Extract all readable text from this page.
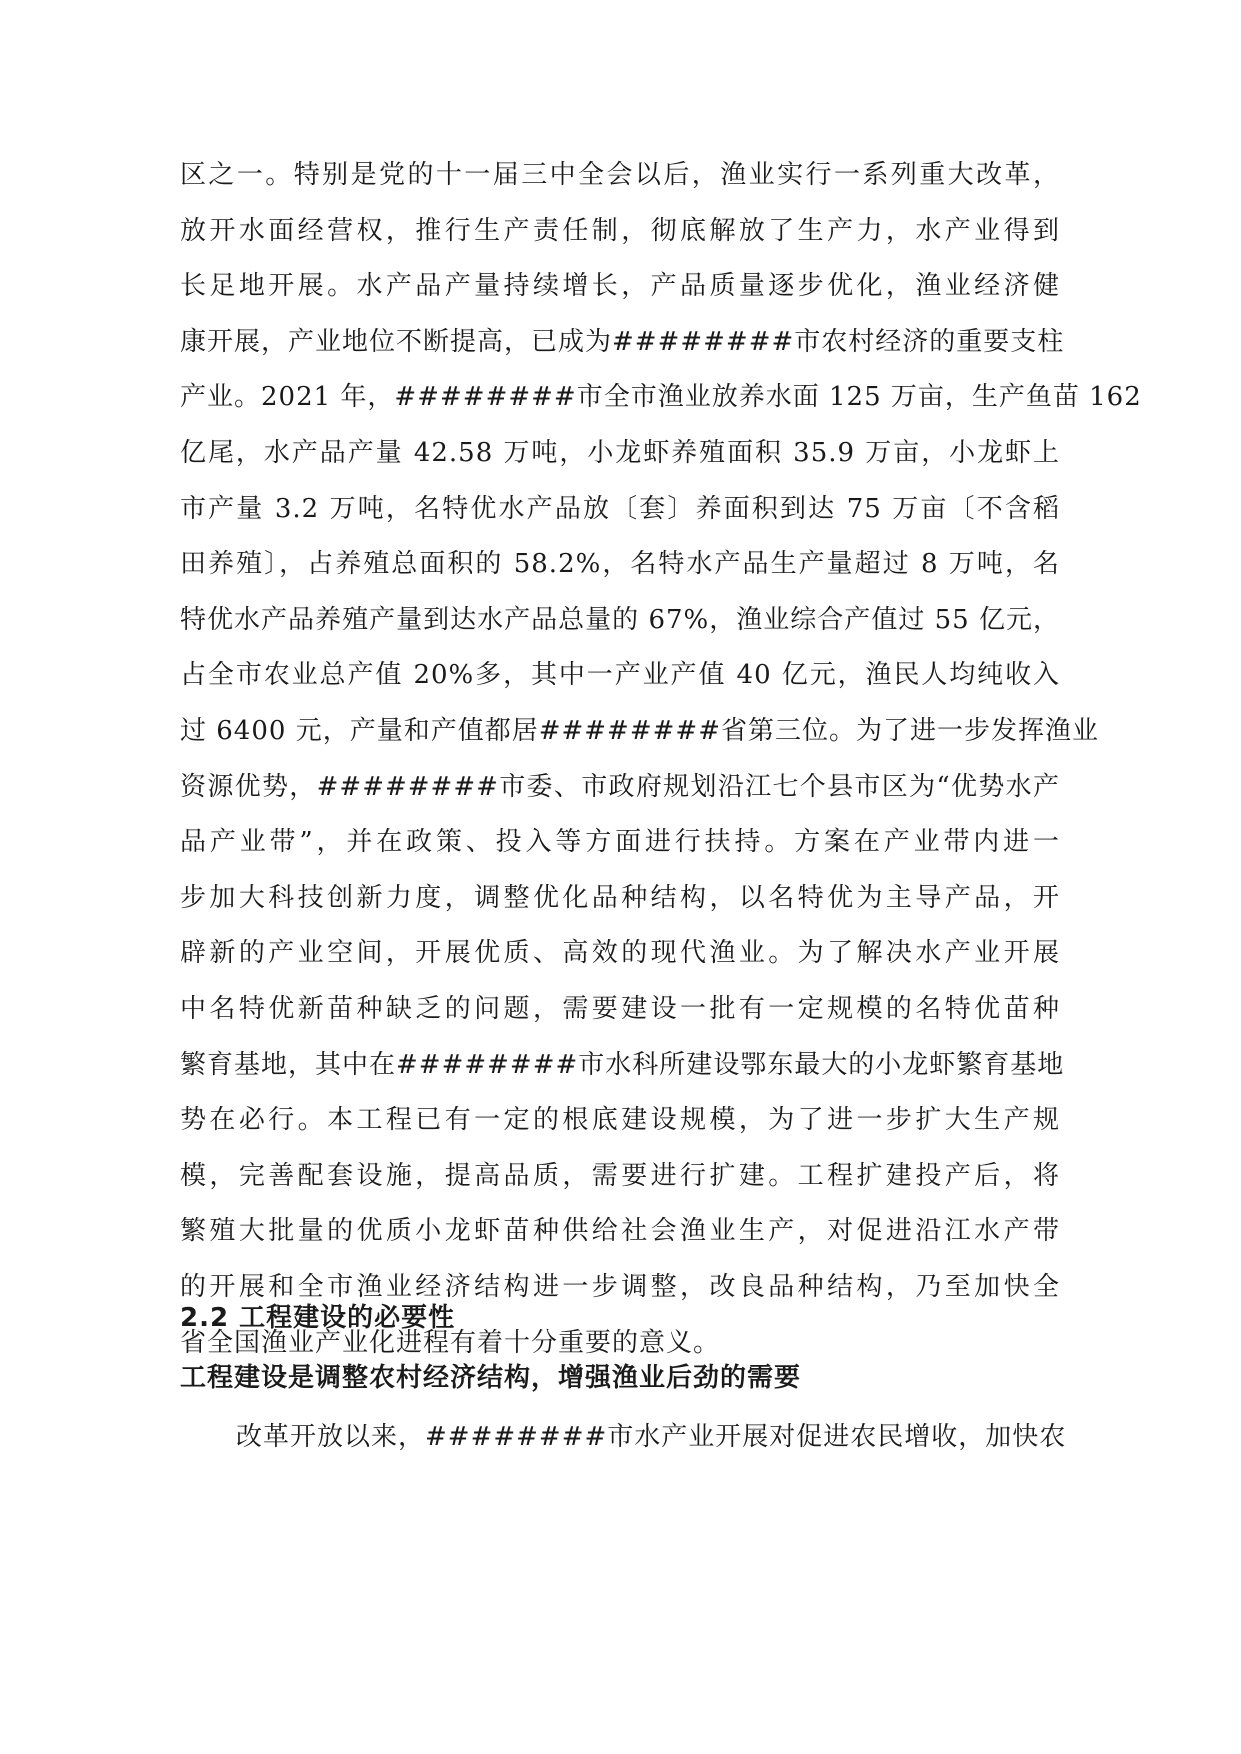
区之一。特别是党的十一届三中全会以后，渔业实行一系列重大改革，
放开水面经营权，推行生产责任制，彻底解放了生产力，水产业得到
长足地开展。水产品产量持续增长，产品质量逐步优化，渔业经济健
康开展，产业地位不断提高，已成为########市农村经济的重要支柱
产业。2021 年，########市全市渔业放养水面 125 万亩，生产鱼苗 162
亿尾，水产品产量 42.58 万吨，小龙虾养殖面积 35.9 万亩，小龙虾上
市产量 3.2 万吨，名特优水产品放〔套〕养面积到达 75 万亩〔不含稻
田养殖〕，占养殖总面积的 58.2%，名特水产品生产量超过 8 万吨，名
特优水产品养殖产量到达水产品总量的 67%，渔业综合产值过 55 亿元，
占全市农业总产值 20%多，其中一产业产值 40 亿元，渔民人均纯收入
过 6400 元，产量和产值都居########省第三位。为了进一步发挥渔业
资源优势，########市委、市政府规划沿江七个县市区为“优势水产
品产业带”，并在政策、投入等方面进行扶持。方案在产业带内进一
步加大科技创新力度，调整优化品种结构，以名特优为主导产品，开
辟新的产业空间，开展优质、高效的现代渔业。为了解决水产业开展
中名特优新苗种缺乏的问题，需要建设一批有一定规模的名特优苗种
繁育基地，其中在########市水科所建设鄂东最大的小龙虾繁育基地
势在必行。本工程已有一定的根底建设规模，为了进一步扩大生产规
模，完善配套设施，提高品质，需要进行扩建。工程扩建投产后，将
繁殖大批量的优质小龙虾苗种供给社会渔业生产，对促进沿江水产带
的开展和全市渔业经济结构进一步调整，改良品种结构，乃至加快全
省全国渔业产业化进程有着十分重要的意义。
2.2 工程建设的必要性
工程建设是调整农村经济结构，增强渔业后劲的需要
改革开放以来，########市水产业开展对促进农民增收，加快农
